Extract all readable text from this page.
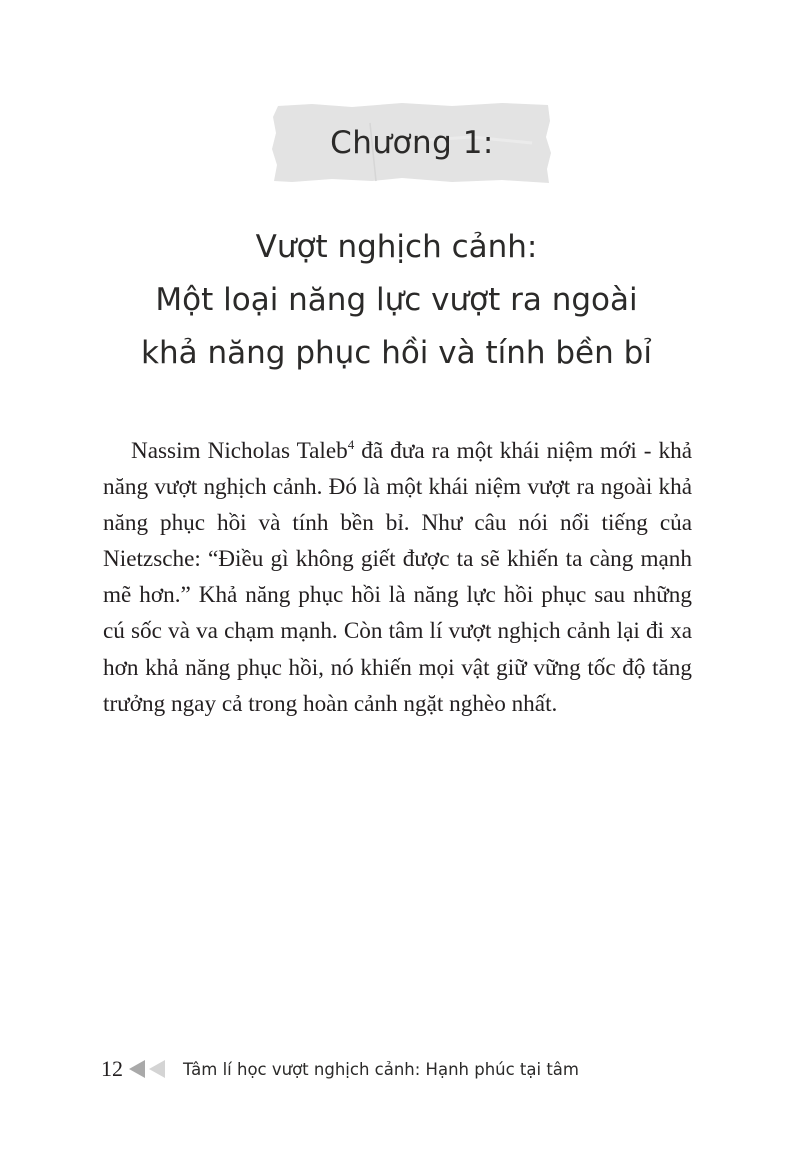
Chương 1:
Vượt nghịch cảnh:
Một loại năng lực vượt ra ngoài
khả năng phục hồi và tính bền bỉ
Nassim Nicholas Taleb$^4$ đã đưa ra một khái niệm mới - khả năng vượt nghịch cảnh. Đó là một khái niệm vượt ra ngoài khả năng phục hồi và tính bền bỉ. Như câu nói nổi tiếng của Nietzsche: “Điều gì không giết được ta sẽ khiến ta càng mạnh mẽ hơn.” Khả năng phục hồi là năng lực hồi phục sau những cú sốc và va chạm mạnh. Còn tâm lí vượt nghịch cảnh lại đi xa hơn khả năng phục hồi, nó khiến mọi vật giữ vững tốc độ tăng trưởng ngay cả trong hoàn cảnh ngặt nghèo nhất.
12	Tâm lí học vượt nghịch cảnh: Hạnh phúc tại tâm
